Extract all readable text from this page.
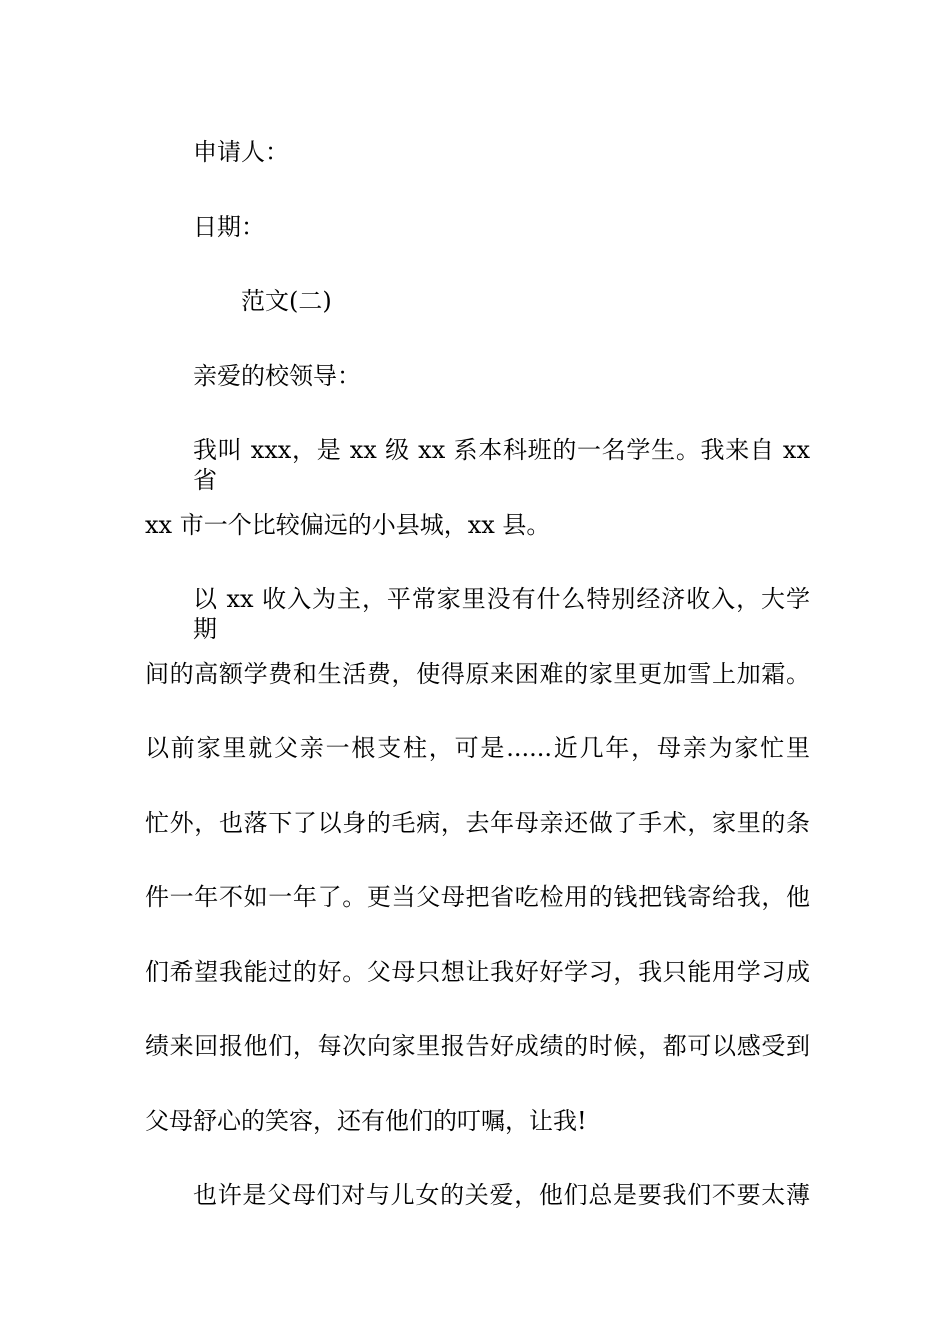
申请人：
日期：
范文(二)
亲爱的校领导：
我叫 xxx，是 xx 级 xx 系本科班的一名学生。我来自 xx 省
xx 市一个比较偏远的小县城，xx 县。
以 xx 收入为主，平常家里没有什么特别经济收入，大学期
间的高额学费和生活费，使得原来困难的家里更加雪上加霜。
以前家里就父亲一根支柱，可是......近几年，母亲为家忙里
忙外，也落下了以身的毛病，去年母亲还做了手术，家里的条
件一年不如一年了。更当父母把省吃检用的钱把钱寄给我，他
们希望我能过的好。父母只想让我好好学习，我只能用学习成
绩来回报他们，每次向家里报告好成绩的时候，都可以感受到
父母舒心的笑容，还有他们的叮嘱，让我!
也许是父母们对与儿女的关爱，他们总是要我们不要太薄
